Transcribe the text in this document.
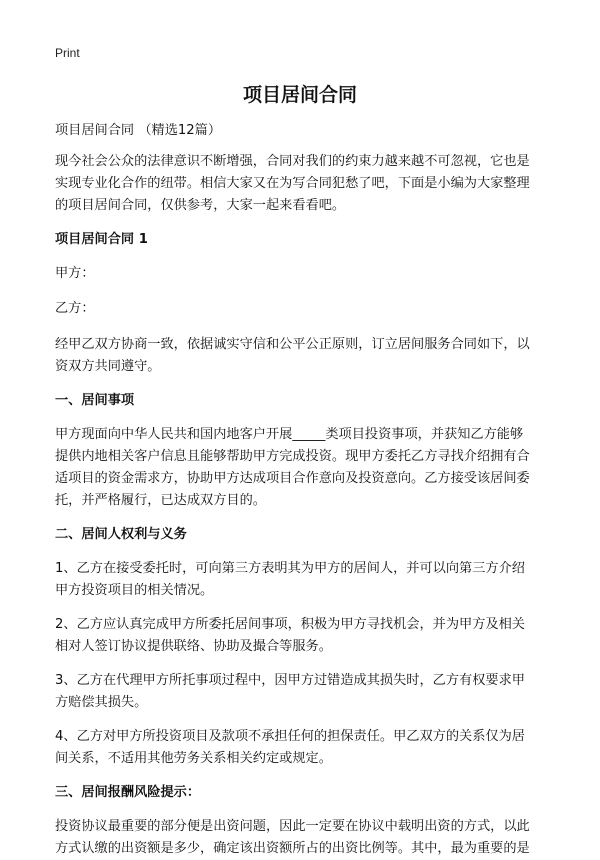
Print
项目居间合同

项目居间合同 （精选12篇）

现今社会公众的法律意识不断增强，合同对我们的约束力越来越不可忽视，它也是
实现专业化合作的纽带。相信大家又在为写合同犯愁了吧，下面是小编为大家整理
的项目居间合同，仅供参考，大家一起来看看吧。

项目居间合同 1

甲方：

乙方：

经甲乙双方协商一致，依据诚实守信和公平公正原则，订立居间服务合同如下，以
资双方共同遵守。

一、居间事项

甲方现面向中华人民共和国内地客户开展_____类项目投资事项，并获知乙方能够
提供内地相关客户信息且能够帮助甲方完成投资。现甲方委托乙方寻找介绍拥有合
适项目的资金需求方，协助甲方达成项目合作意向及投资意向。乙方接受该居间委
托，并严格履行，已达成双方目的。

二、居间人权利与义务

1、乙方在接受委托时，可向第三方表明其为甲方的居间人，并可以向第三方介绍
甲方投资项目的相关情况。

2、乙方应认真完成甲方所委托居间事项，积极为甲方寻找机会，并为甲方及相关
相对人签订协议提供联络、协助及撮合等服务。

3、乙方在代理甲方所托事项过程中，因甲方过错造成其损失时，乙方有权要求甲
方赔偿其损失。

4、乙方对甲方所投资项目及款项不承担任何的担保责任。甲乙双方的关系仅为居
间关系，不适用其他劳务关系相关约定或规定。

三、居间报酬风险提示：

投资协议最重要的部分便是出资问题，因此一定要在协议中载明出资的方式，以此
方式认缴的出资额是多少，确定该出资额所占的出资比例等。其中，最为重要的是
